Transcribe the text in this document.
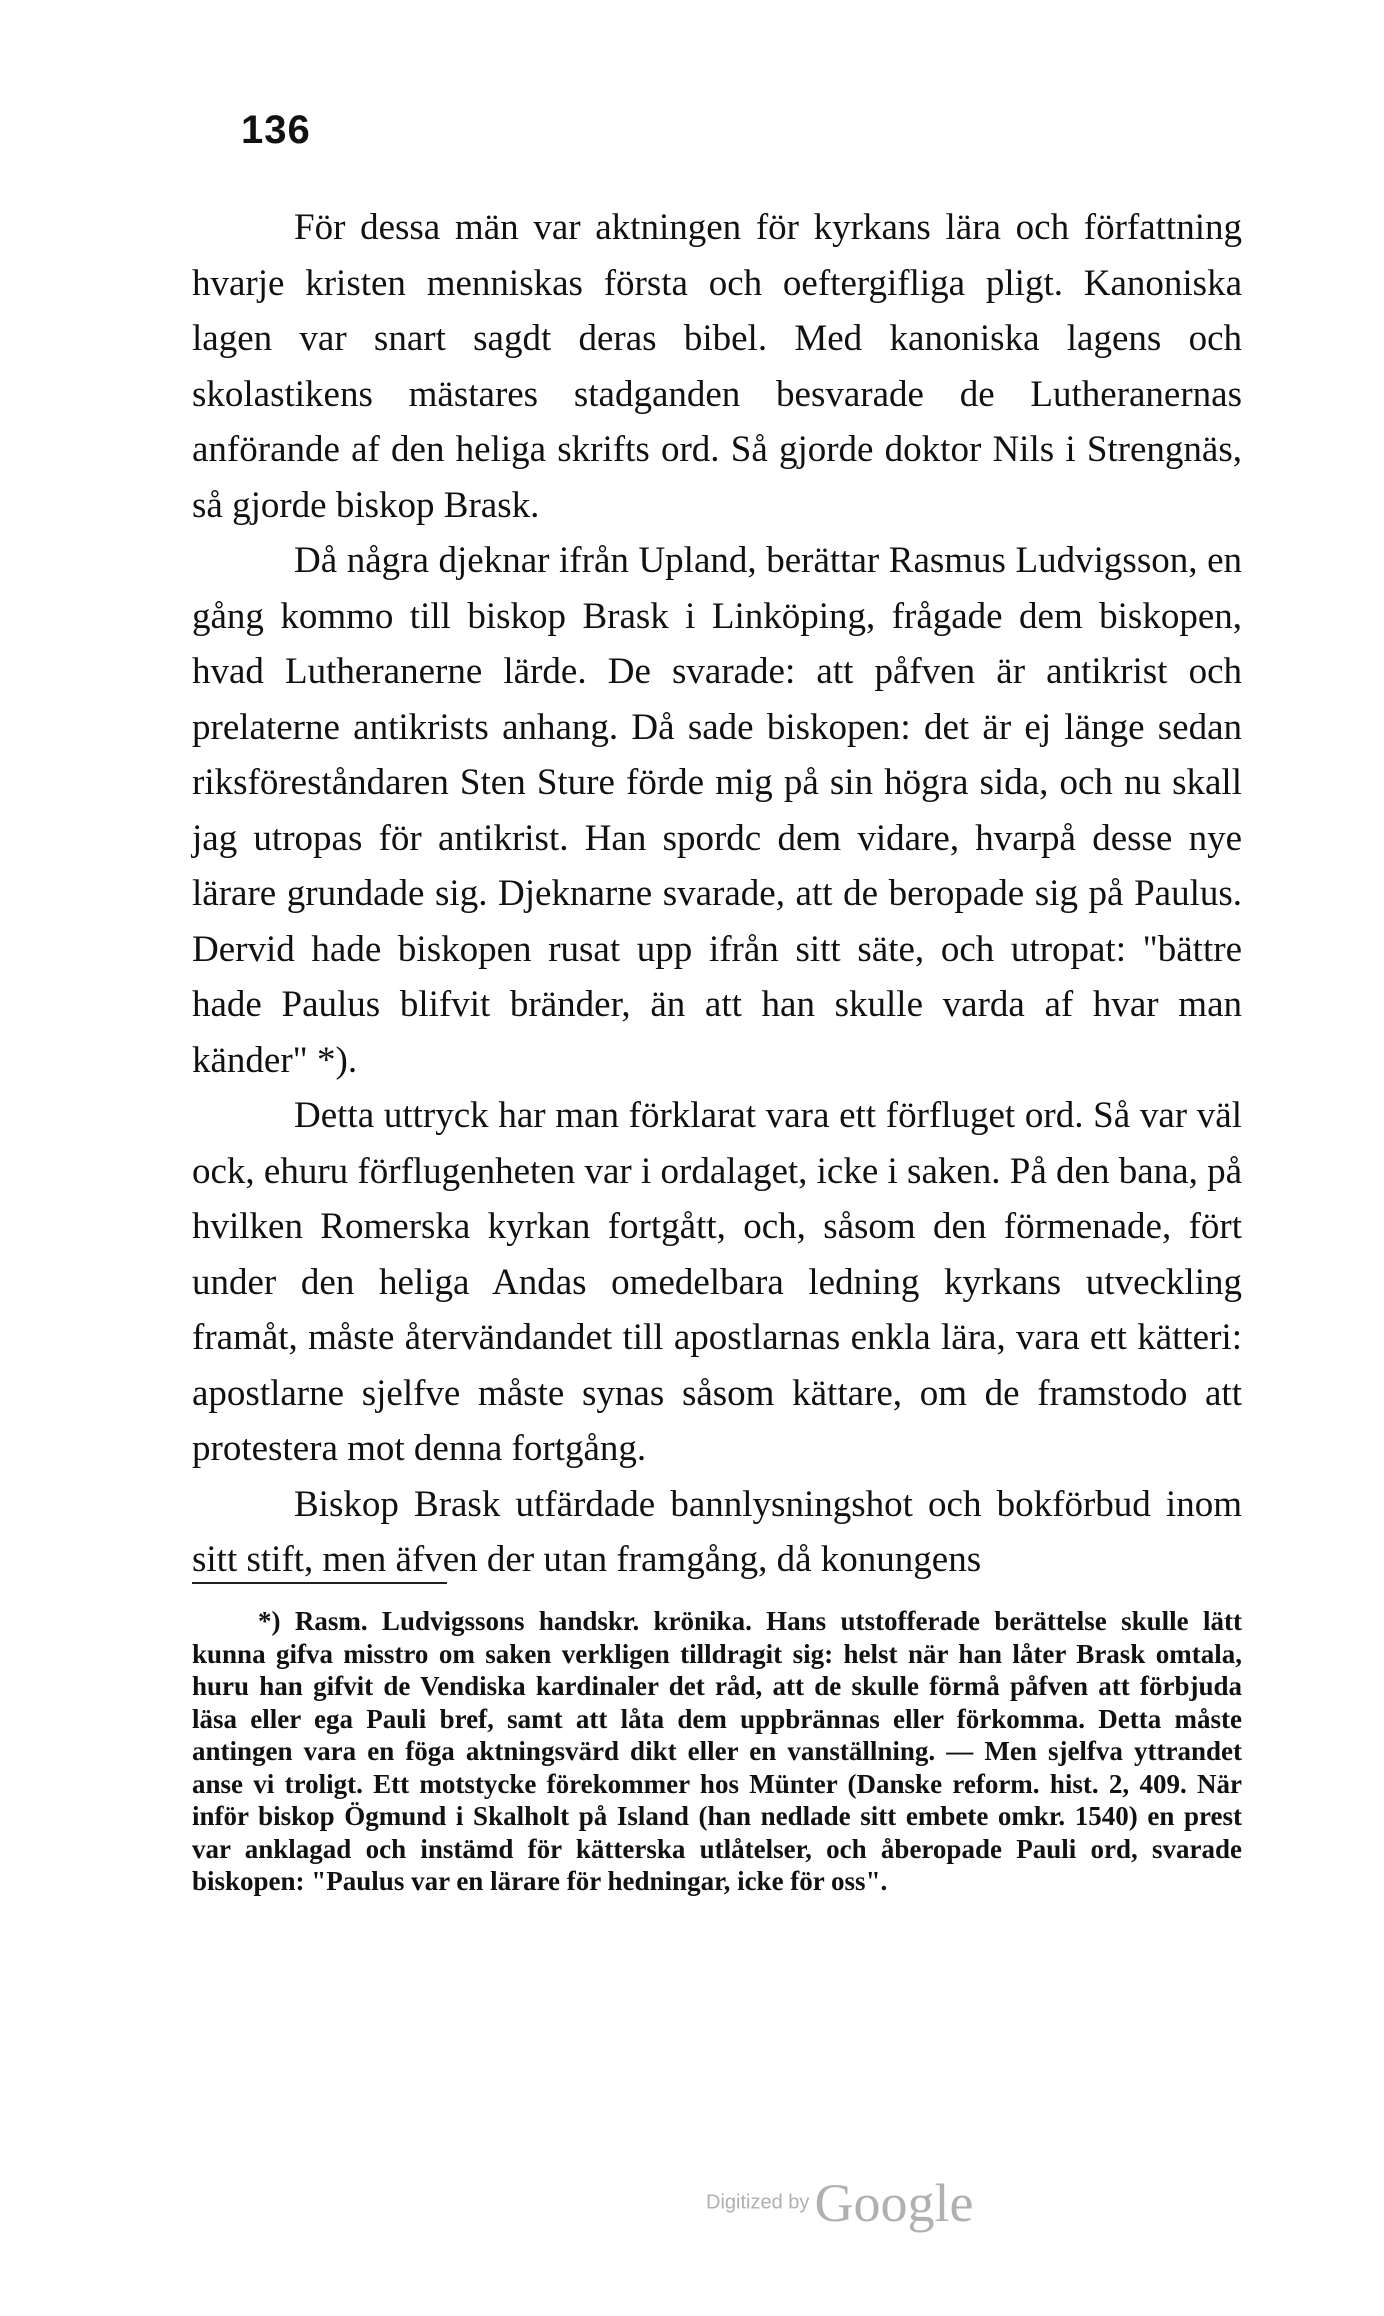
136

För dessa män var aktningen för kyrkans lära och författning hvarje kristen menniskas första och oeftergifliga pligt. Kanoniska lagen var snart sagdt deras bibel. Med kanoniska lagens och skolastikens mästares stadganden besvarade de Lutheranernas anförande af den heliga skrifts ord. Så gjorde doktor Nils i Strengnäs, så gjorde biskop Brask.

Då några djeknar ifrån Upland, berättar Rasmus Ludvigsson, en gång kommo till biskop Brask i Linköping, frågade dem biskopen, hvad Lutheranerne lärde. De svarade: att påfven är antikrist och prelaterne antikrists anhang. Då sade biskopen: det är ej länge sedan riksföreståndaren Sten Sture förde mig på sin högra sida, och nu skall jag utropas för antikrist. Han spordc dem vidare, hvarpå desse nye lärare grundade sig. Djeknarne svarade, att de beropade sig på Paulus. Dervid hade biskopen rusat upp ifrån sitt säte, och utropat: "bättre hade Paulus blifvit bränder, än att han skulle varda af hvar man känder" *).

Detta uttryck har man förklarat vara ett förfluget ord. Så var väl ock, ehuru förflugenheten var i ordalaget, icke i saken. På den bana, på hvilken Romerska kyrkan fortgått, och, såsom den förmenade, fört under den heliga Andas omedelbara ledning kyrkans utveckling framåt, måste återvändandet till apostlarnas enkla lära, vara ett kätteri: apostlarne sjelfve måste synas såsom kättare, om de framstodo att protestera mot denna fortgång.

Biskop Brask utfärdade bannlysningshot och bokförbud inom sitt stift, men äfven der utan framgång, då konungens

*) Rasm. Ludvigssons handskr. krönika. Hans utstofferade berättelse skulle lätt kunna gifva misstro om saken verkligen tilldragit sig: helst när han låter Brask omtala, huru han gifvit de Vendiska kardinaler det råd, att de skulle förmå påfven att förbjuda läsa eller ega Pauli bref, samt att låta dem uppbrännas eller förkomma. Detta måste antingen vara en föga aktningsvärd dikt eller en vanställning. — Men sjelfva yttrandet anse vi troligt. Ett motstycke förekommer hos Münter (Danske reform. hist. 2, 409. När inför biskop Ögmund i Skalholt på Island (han nedlade sitt embete omkr. 1540) en prest var anklagad och instämd för kätterska utlåtelser, och åberopade Pauli ord, svarade biskopen: "Paulus var en lärare för hedningar, icke för oss".

Digitized by Google
